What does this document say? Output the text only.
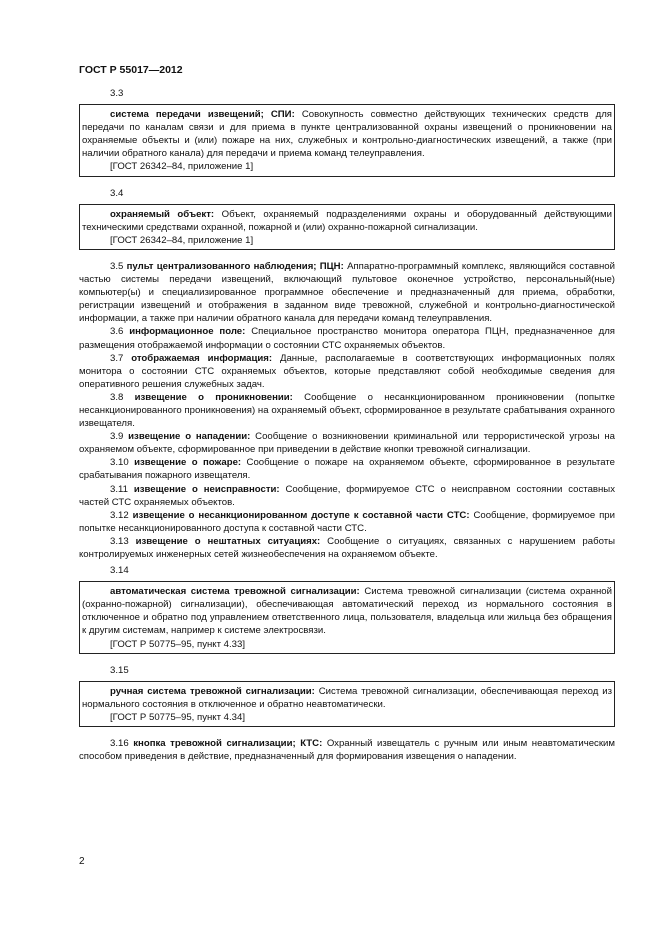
ГОСТ Р 55017—2012
3.3

система передачи извещений; СПИ: Совокупность совместно действующих технических средств для передачи по каналам связи и для приема в пункте централизованной охраны извещений о проникновении на охраняемые объекты и (или) пожаре на них, служебных и контрольно-диагностических извещений, а также (при наличии обратного канала) для передачи и приема команд телеуправления.

[ГОСТ 26342–84, приложение 1]

3.4

охраняемый объект: Объект, охраняемый подразделениями охраны и оборудованный действующими техническими средствами охранной, пожарной и (или) охранно-пожарной сигнализации.

[ГОСТ 26342–84, приложение 1]

3.5 пульт централизованного наблюдения; ПЦН: Аппаратно-программный комплекс, являющийся составной частью системы передачи извещений, включающий пультовое оконечное устройство, персональный(ные) компьютер(ы) и специализированное программное обеспечение и предназначенный для приема, обработки, регистрации извещений и отображения в заданном виде тревожной, служебной и контрольно-диагностической информации, а также при наличии обратного канала для передачи команд телеуправления.

3.6 информационное поле: Специальное пространство монитора оператора ПЦН, предназначенное для размещения отображаемой информации о состоянии СТС охраняемых объектов.

3.7 отображаемая информация: Данные, располагаемые в соответствующих информационных полях монитора о состоянии СТС охраняемых объектов, которые представляют собой необходимые сведения для оперативного решения служебных задач.

3.8 извещение о проникновении: Сообщение о несанкционированном проникновении (попытке несанкционированного проникновения) на охраняемый объект, сформированное в результате срабатывания охранного извещателя.

3.9 извещение о нападении: Сообщение о возникновении криминальной или террористической угрозы на охраняемом объекте, сформированное при приведении в действие кнопки тревожной сигнализации.

3.10 извещение о пожаре: Сообщение о пожаре на охраняемом объекте, сформированное в результате срабатывания пожарного извещателя.

3.11 извещение о неисправности: Сообщение, формируемое СТС о неисправном состоянии составных частей СТС охраняемых объектов.

3.12 извещение о несанкционированном доступе к составной части СТС: Сообщение, формируемое при попытке несанкционированного доступа к составной части СТС.

3.13 извещение о нештатных ситуациях: Сообщение о ситуациях, связанных с нарушением работы контролируемых инженерных сетей жизнеобеспечения на охраняемом объекте.

3.14

автоматическая система тревожной сигнализации: Система тревожной сигнализации (система охранной (охранно-пожарной) сигнализации), обеспечивающая автоматический переход из нормального состояния в отключенное и обратно под управлением ответственного лица, пользователя, владельца или жильца без обращения к другим системам, например к системе электросвязи.

[ГОСТ Р 50775–95, пункт 4.33]

3.15

ручная система тревожной сигнализации: Система тревожной сигнализации, обеспечивающая переход из нормального состояния в отключенное и обратно неавтоматически.

[ГОСТ Р 50775–95, пункт 4.34]

3.16 кнопка тревожной сигнализации; КТС: Охранный извещатель с ручным или иным неавтоматическим способом приведения в действие, предназначенный для формирования извещения о нападении.

2
